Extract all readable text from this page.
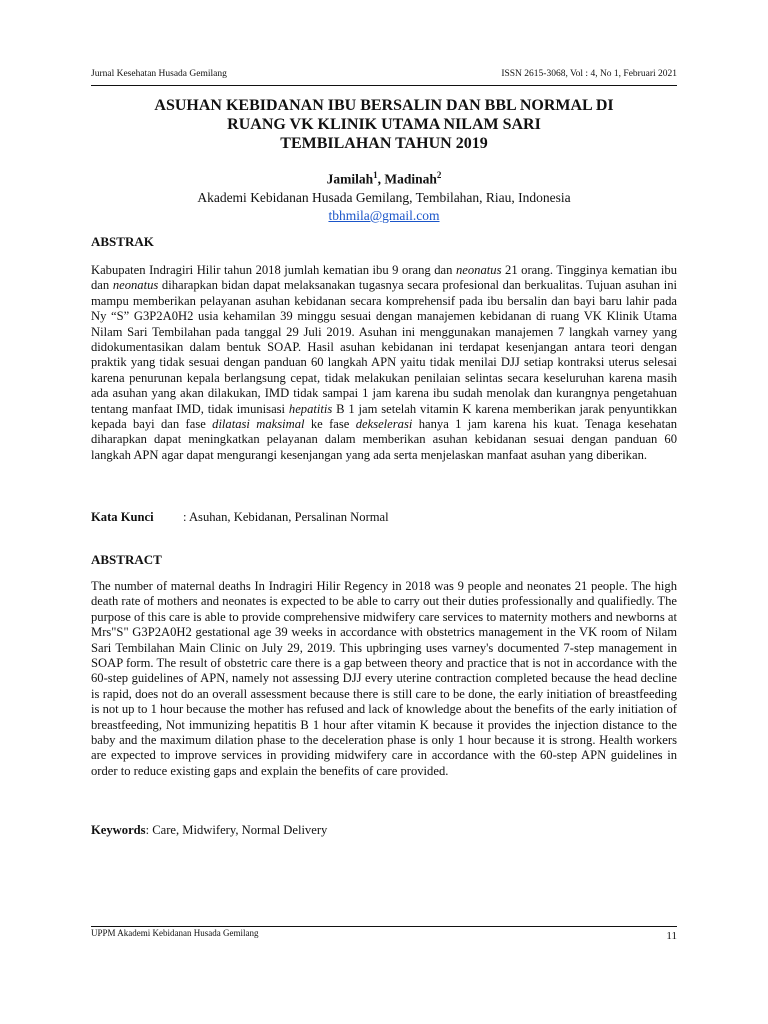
Jurnal Kesehatan Husada Gemilang	ISSN 2615-3068, Vol : 4, No 1, Februari 2021
ASUHAN KEBIDANAN IBU BERSALIN DAN BBL NORMAL DI
RUANG VK KLINIK UTAMA NILAM SARI
TEMBILAHAN TAHUN 2019
Jamilah$^1$, Madinah$^2$
Akademi Kebidanan Husada Gemilang, Tembilahan, Riau, Indonesia
tbhmila@gmail.com
ABSTRAK

Kabupaten Indragiri Hilir tahun 2018 jumlah kematian ibu 9 orang dan neonatus 21 orang. Tingginya kematian ibu dan neonatus diharapkan bidan dapat melaksanakan tugasnya secara profesional dan berkualitas. Tujuan asuhan ini mampu memberikan pelayanan asuhan kebidanan secara komprehensif pada ibu bersalin dan bayi baru lahir pada Ny “S” G3P2A0H2 usia kehamilan 39 minggu sesuai dengan manajemen kebidanan di ruang VK Klinik Utama Nilam Sari Tembilahan pada tanggal 29 Juli 2019. Asuhan ini menggunakan manajemen 7 langkah varney yang didokumentasikan dalam bentuk SOAP. Hasil asuhan kebidanan ini terdapat kesenjangan antara teori dengan praktik yang tidak sesuai dengan panduan 60 langkah APN yaitu tidak menilai DJJ setiap kontraksi uterus selesai karena penurunan kepala berlangsung cepat, tidak melakukan penilaian selintas secara keseluruhan karena masih ada asuhan yang akan dilakukan, IMD tidak sampai 1 jam karena ibu sudah menolak dan kurangnya pengetahuan tentang manfaat IMD, tidak imunisasi hepatitis B 1 jam setelah vitamin K karena memberikan jarak penyuntikkan kepada bayi dan fase dilatasi maksimal ke fase dekselerasi hanya 1 jam karena his kuat. Tenaga kesehatan diharapkan dapat meningkatkan pelayanan dalam memberikan asuhan kebidanan sesuai dengan panduan 60 langkah APN agar dapat mengurangi kesenjangan yang ada serta menjelaskan manfaat asuhan yang diberikan.

Kata Kunci : Asuhan, Kebidanan, Persalinan Normal
ABSTRACT

The number of maternal deaths In Indragiri Hilir Regency in 2018 was 9 people and neonates 21 people. The high death rate of mothers and neonates is expected to be able to carry out their duties professionally and qualifiedly. The purpose of this care is able to provide comprehensive midwifery care services to maternity mothers and newborns at Mrs"S" G3P2A0H2 gestational age 39 weeks in accordance with obstetrics management in the VK room of Nilam Sari Tembilahan Main Clinic on July 29, 2019. This upbringing uses varney's documented 7-step management in SOAP form. The result of obstetric care there is a gap between theory and practice that is not in accordance with the 60-step guidelines of APN, namely not assessing DJJ every uterine contraction completed because the head decline is rapid, does not do an overall assessment because there is still care to be done, the early initiation of breastfeeding is not up to 1 hour because the mother has refused and lack of knowledge about the benefits of the early initiation of breastfeeding, Not immunizing hepatitis B 1 hour after vitamin K because it provides the injection distance to the baby and the maximum dilation phase to the deceleration phase is only 1 hour because it is strong. Health workers are expected to improve services in providing midwifery care in accordance with the 60-step APN guidelines in order to reduce existing gaps and explain the benefits of care provided.

Keywords: Care, Midwifery, Normal Delivery
UPPM Akademi Kebidanan Husada Gemilang	11
